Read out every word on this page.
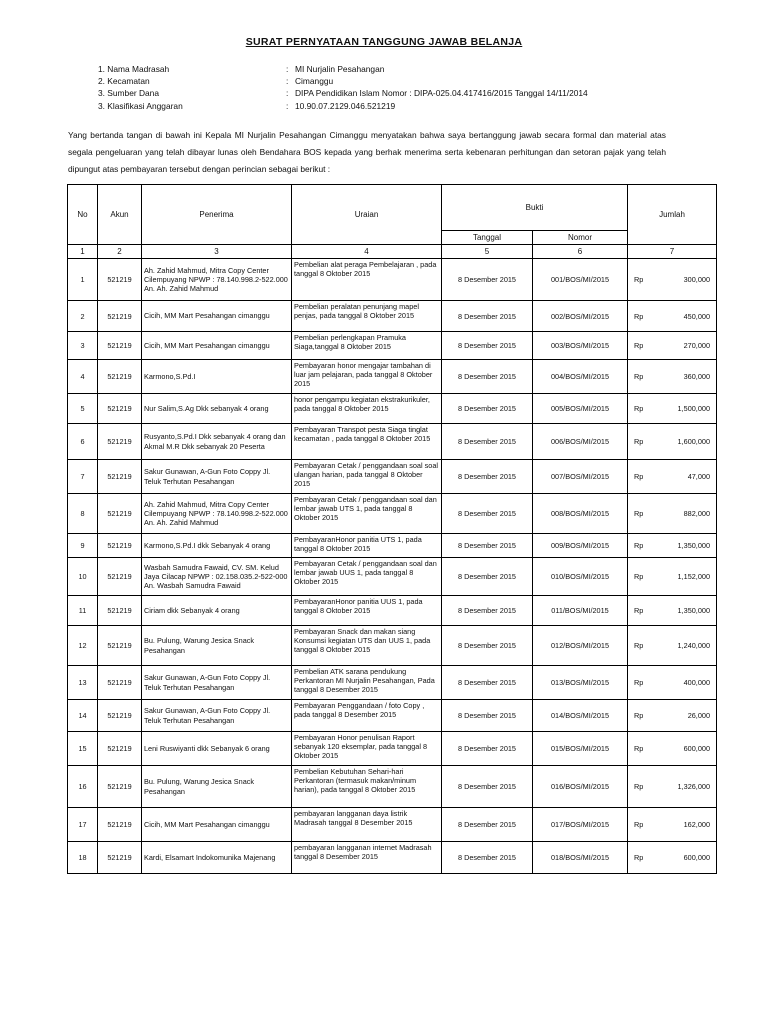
SURAT PERNYATAAN TANGGUNG JAWAB BELANJA
1. Nama Madrasah	: MI Nurjalin Pesahangan
2. Kecamatan	: Cimanggu
3. Sumber Dana	: DIPA Pendidikan Islam Nomor : DIPA-025.04.417416/2015 Tanggal 14/11/2014
3. Klasifikasi Anggaran	: 10.90.07.2129.046.521219
Yang bertanda tangan di bawah ini Kepala MI Nurjalin Pesahangan Cimanggu menyatakan bahwa saya bertanggung jawab secara formal dan material atas segala pengeluaran yang telah dibayar lunas oleh Bendahara BOS kepada yang berhak menerima serta kebenaran perhitungan dan setoran pajak yang telah dipungut atas pembayaran tersebut dengan perincian sebagai berikut :
No	Akun	Penerima	Uraian	Bukti		Jumlah
				Tanggal	Nomor	
1	2	3	4	5	6	7
1	521219	Ah. Zahid Mahmud, Mitra Copy Center Cilempuyang NPWP : 78.140.998.2-522.000 An. Ah. Zahid Mahmud	Pembelian alat peraga Pembelajaran , pada tanggal 8 Oktober 2015	8 Desember 2015	001/BOS/MI/2015	Rp 300,000

2	521219	Cicih, MM Mart Pesahangan cimanggu	Pembelian peralatan penunjang mapel penjas, pada tanggal 8 Oktober 2015	8 Desember 2015	002/BOS/MI/2015	Rp 450,000

3	521219	Cicih, MM Mart Pesahangan cimanggu	Pembelian perlengkapan Pramuka Siaga,tanggal 8 Oktober 2015	8 Desember 2015	003/BOS/MI/2015	Rp 270,000

4	521219	Karmono,S.Pd.I	Pembayaran honor mengajar tambahan di luar jam pelajaran, pada tanggal 8 Oktober 2015	8 Desember 2015	004/BOS/MI/2015	Rp 360,000

5	521219	Nur Salim,S.Ag Dkk sebanyak 4 orang	honor pengampu kegiatan ekstrakurikuler, pada tanggal 8 Oktober 2015	8 Desember 2015	005/BOS/MI/2015	Rp 1,500,000

6	521219	Rusyanto,S.Pd.I Dkk sebanyak 4 orang dan Akmal M.R Dkk sebanyak 20 Peserta	Pembayaran Transpot pesta Siaga tinglat kecamatan , pada tanggal 8 Oktober 2015	8 Desember 2015	006/BOS/MI/2015	Rp 1,600,000

7	521219	Sakur Gunawan, A-Gun Foto Coppy Jl. Teluk Terhutan Pesahangan	Pembayaran Cetak / penggandaan soal soal ulangan harian, pada tanggal 8 Oktober 2015	8 Desember 2015	007/BOS/MI/2015	Rp 47,000

8	521219	Ah. Zahid Mahmud, Mitra Copy Center Cilempuyang NPWP : 78.140.998.2-522.000 An. Ah. Zahid Mahmud	Pembayaran Cetak / penggandaan soal dan lembar jawab UTS 1, pada tanggal 8 Oktober 2015	8 Desember 2015	008/BOS/MI/2015	Rp 882,000

9	521219	Karmono,S.Pd.I dkk Sebanyak 4 orang	PembayaranHonor panitia UTS 1, pada tanggal 8 Oktober 2015	8 Desember 2015	009/BOS/MI/2015	Rp 1,350,000

10	521219	Wasbah Samudra Fawaid, CV. SM. Kelud Jaya Cilacap NPWP : 02.158.035.2-522-000 An. Wasbah Samudra Fawaid	Pembayaran Cetak / penggandaan soal dan lembar jawab UUS 1, pada tanggal 8 Oktober 2015	8 Desember 2015	010/BOS/MI/2015	Rp 1,152,000

11	521219	Ciriam dkk Sebanyak 4 orang	PembayaranHonor panitia UUS 1, pada tanggal 8 Oktober 2015	8 Desember 2015	011/BOS/MI/2015	Rp 1,350,000

12	521219	Bu. Pulung, Warung Jesica Snack Pesahangan	Pembayaran Snack dan makan siang Konsumsi kegiatan UTS dan UUS 1, pada tanggal 8 Oktober 2015	8 Desember 2015	012/BOS/MI/2015	Rp 1,240,000

13	521219	Sakur Gunawan, A-Gun Foto Coppy Jl. Teluk Terhutan Pesahangan	Pembelian ATK sarana pendukung Perkantoran MI Nurjalin Pesahangan, Pada tanggal 8 Desember 2015	8 Desember 2015	013/BOS/MI/2015	Rp 400,000

14	521219	Sakur Gunawan, A-Gun Foto Coppy Jl. Teluk Terhutan Pesahangan	Pembayaran Penggandaan / foto Copy , pada tanggal 8 Desember 2015	8 Desember 2015	014/BOS/MI/2015	Rp 26,000

15	521219	Leni Ruswiyanti dkk Sebanyak 6 orang	Pembayaran Honor penulisan Raport sebanyak 120 eksemplar, pada tanggal 8 Oktober 2015	8 Desember 2015	015/BOS/MI/2015	Rp 600,000

16	521219	Bu. Pulung, Warung Jesica Snack Pesahangan	Pembelian Kebutuhan Sehari-hari Perkantoran (termasuk makan/minum harian), pada tanggal 8 Oktober 2015	8 Desember 2015	016/BOS/MI/2015	Rp 1,326,000

17	521219	Cicih, MM Mart Pesahangan cimanggu	pembayaran langganan daya listrik Madrasah tanggal 8 Desember 2015	8 Desember 2015	017/BOS/MI/2015	Rp 162,000

18	521219	Kardi, Elsamart Indokomunika Majenang	pembayaran langganan internet Madrasah tanggal 8 Desember 2015	8 Desember 2015	018/BOS/MI/2015	Rp 600,000
